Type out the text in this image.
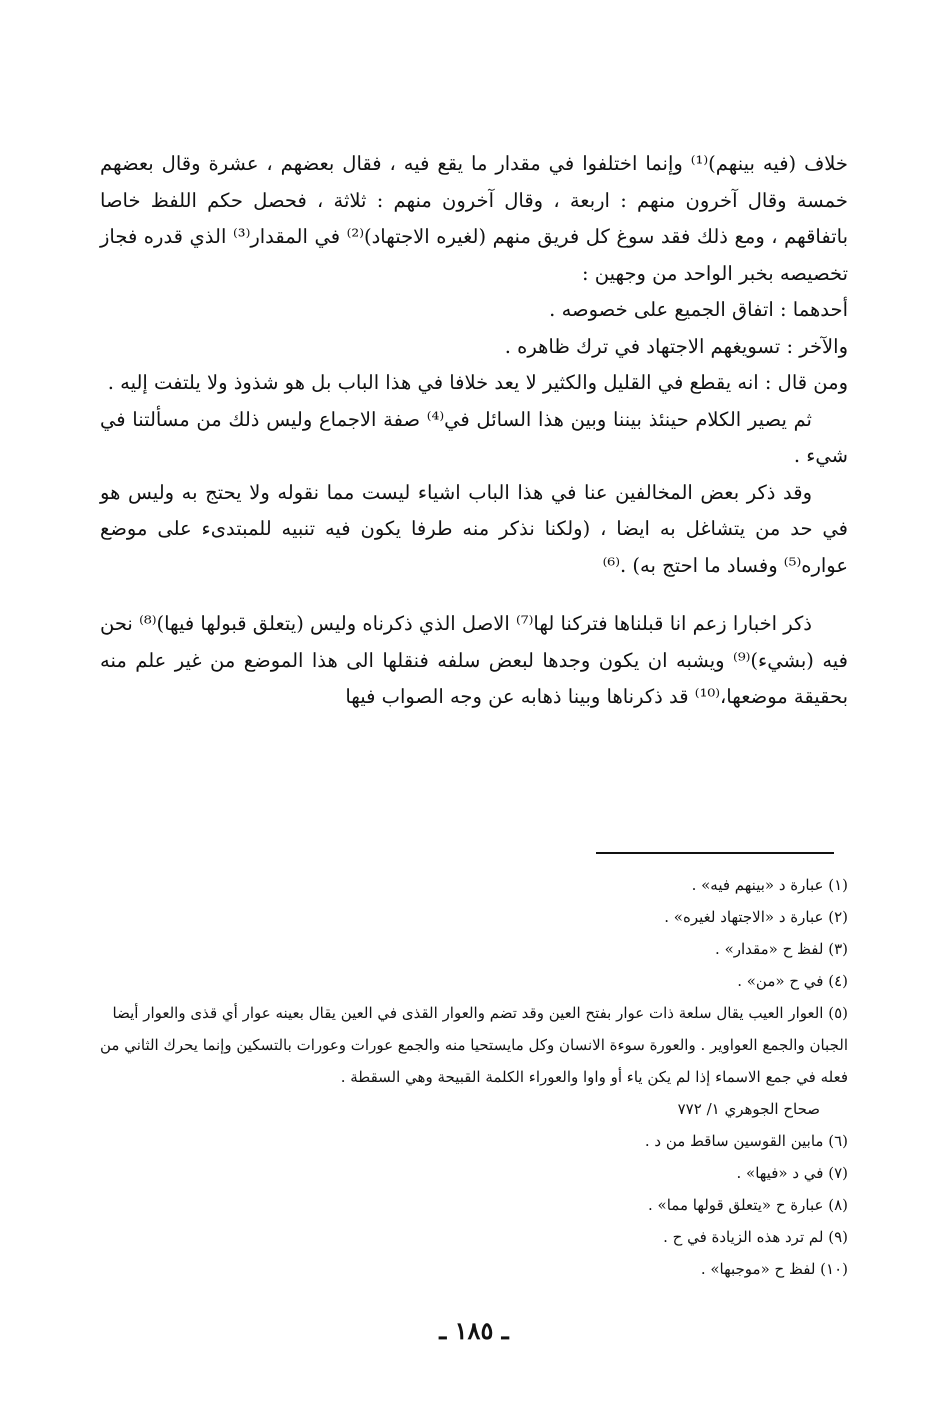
خلاف (فيه بينهم)⁽¹⁾ وإنما اختلفوا في مقدار ما يقع فيه ، فقال بعضهم ، عشرة وقال بعضهم خمسة وقال آخرون منهم : اربعة ، وقال آخرون منهم : ثلاثة ، فحصل حكم اللفظ خاصا باتفاقهم ، ومع ذلك فقد سوغ كل فريق منهم (لغيره الاجتهاد)⁽²⁾ في المقدار⁽³⁾ الذي قدره فجاز تخصيصه بخبر الواحد من وجهين :

أحدهما : اتفاق الجميع على خصوصه .

والآخر : تسويغهم الاجتهاد في ترك ظاهره .

ومن قال : انه يقطع في القليل والكثير لا يعد خلافا في هذا الباب بل هو شذوذ ولا يلتفت إليه .

ثم يصير الكلام حينئذ بيننا وبين هذا السائل في⁽⁴⁾ صفة الاجماع وليس ذلك من مسألتنا في شيء .

وقد ذكر بعض المخالفين عنا في هذا الباب اشياء ليست مما نقوله ولا يحتج به وليس هو في حد من يتشاغل به ايضا ، (ولكنا نذكر منه طرفا يكون فيه تنبيه للمبتدىء على موضع عواره⁽⁵⁾ وفساد ما احتج به) .⁽⁶⁾

ذكر اخبارا زعم انا قبلناها فتركنا لها⁽⁷⁾ الاصل الذي ذكرناه وليس (يتعلق قبولها فيها)⁽⁸⁾ نحن فيه (بشيء)⁽⁹⁾ ويشبه ان يكون وجدها لبعض سلفه فنقلها الى هذا الموضع من غير علم منه بحقيقة موضعها،⁽¹⁰⁾ قد ذكرناها وبينا ذهابه عن وجه الصواب فيها

(١) عبارة د «بينهم فيه» .

(٢) عبارة د «الاجتهاد لغيره» .

(٣) لفظ ح «مقدار» .

(٤) في ح «من» .

(٥) العوار العيب يقال سلعة ذات عوار بفتح العين وقد تضم والعوار القذى في العين يقال بعينه عوار أي قذى والعوار أيضا الجبان والجمع العواوير . والعورة سوءة الانسان وكل مايستحيا منه والجمع عورات وعورات بالتسكين وإنما يحرك الثاني من فعله في جمع الاسماء إذا لم يكن ياء أو واوا والعوراء الكلمة القبيحة وهي السقطة .

صحاح الجوهري ١/ ٧٧٢

(٦) مابين القوسين ساقط من د .

(٧) في د «فيها» .

(٨) عبارة ح «يتعلق قولها مما» .

(٩) لم ترد هذه الزيادة في ح .

(١٠) لفظ ح «موجبها» .

ـ ١٨٥ ـ
